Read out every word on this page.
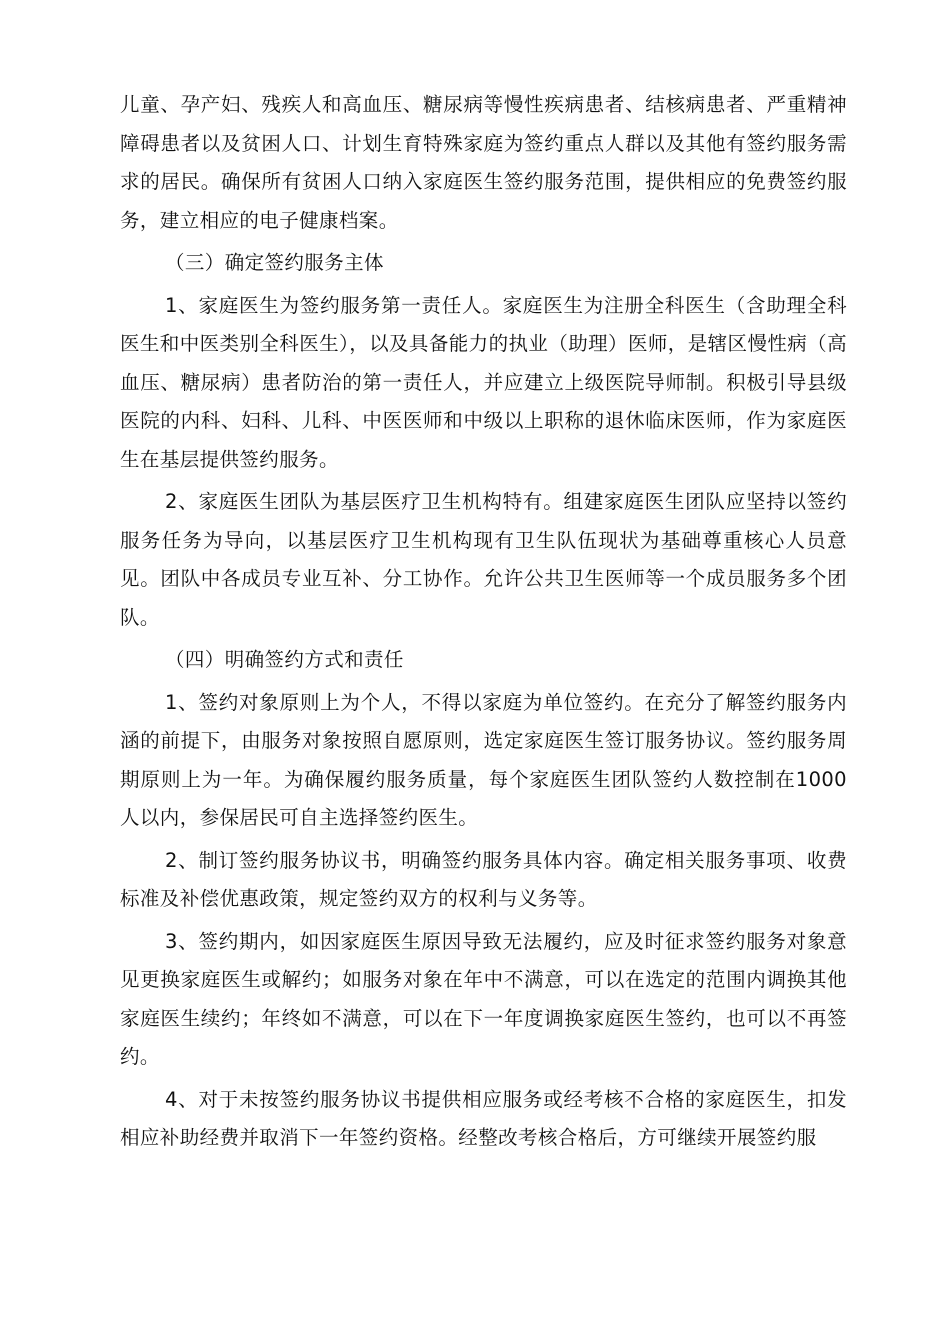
儿童、孕产妇、残疾人和高血压、糖尿病等慢性疾病患者、结核病患者、严重精神障碍患者以及贫困人口、计划生育特殊家庭为签约重点人群以及其他有签约服务需求的居民。确保所有贫困人口纳入家庭医生签约服务范围，提供相应的免费签约服务，建立相应的电子健康档案。

（三）确定签约服务主体

1、家庭医生为签约服务第一责任人。家庭医生为注册全科医生（含助理全科医生和中医类别全科医生），以及具备能力的执业（助理）医师，是辖区慢性病（高血压、糖尿病）患者防治的第一责任人，并应建立上级医院导师制。积极引导县级医院的内科、妇科、儿科、中医医师和中级以上职称的退休临床医师，作为家庭医生在基层提供签约服务。

2、家庭医生团队为基层医疗卫生机构特有。组建家庭医生团队应坚持以签约服务任务为导向，以基层医疗卫生机构现有卫生队伍现状为基础尊重核心人员意见。团队中各成员专业互补、分工协作。允许公共卫生医师等一个成员服务多个团队。

（四）明确签约方式和责任

1、签约对象原则上为个人，不得以家庭为单位签约。在充分了解签约服务内涵的前提下，由服务对象按照自愿原则，选定家庭医生签订服务协议。签约服务周期原则上为一年。为确保履约服务质量，每个家庭医生团队签约人数控制在1000人以内，参保居民可自主选择签约医生。

2、制订签约服务协议书，明确签约服务具体内容。确定相关服务事项、收费标准及补偿优惠政策，规定签约双方的权利与义务等。

3、签约期内，如因家庭医生原因导致无法履约，应及时征求签约服务对象意见更换家庭医生或解约；如服务对象在年中不满意，可以在选定的范围内调换其他家庭医生续约；年终如不满意，可以在下一年度调换家庭医生签约，也可以不再签约。

4、对于未按签约服务协议书提供相应服务或经考核不合格的家庭医生，扣发相应补助经费并取消下一年签约资格。经整改考核合格后，方可继续开展签约服
